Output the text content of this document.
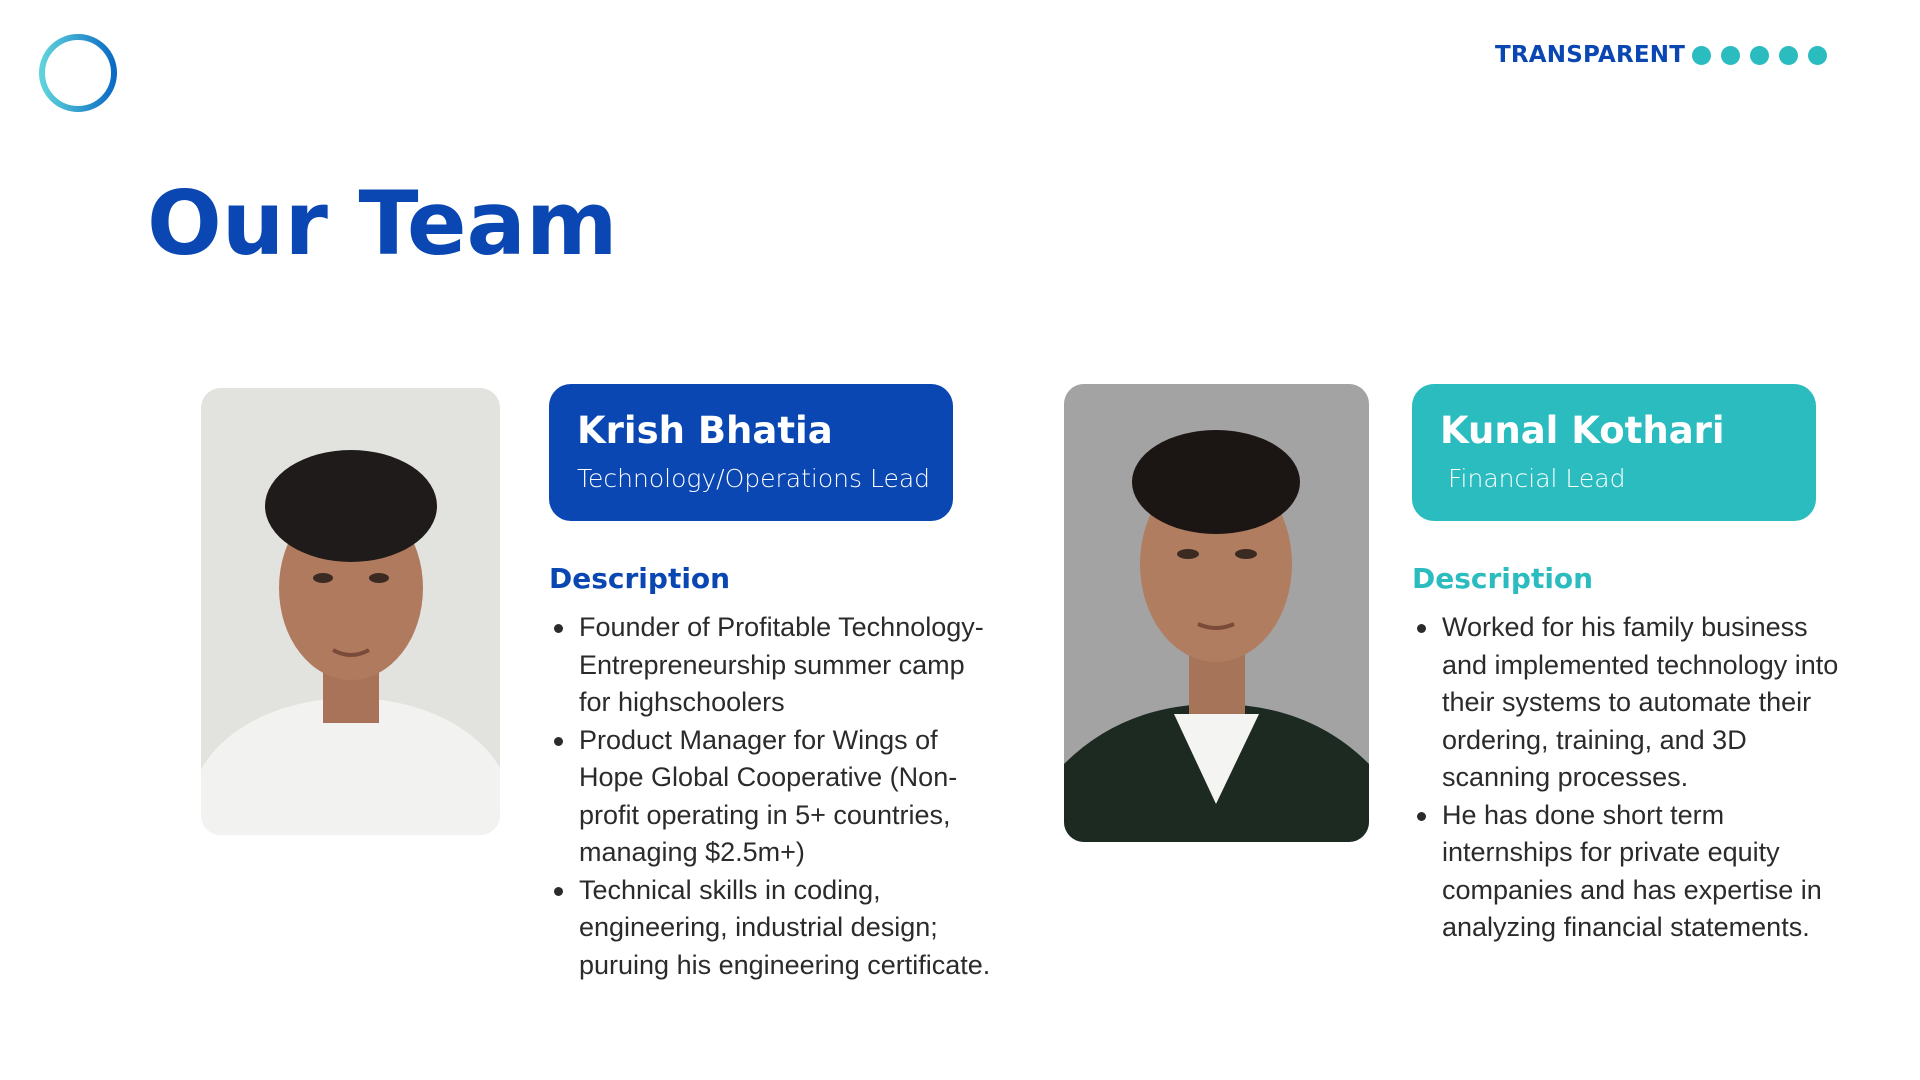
TRANSPARENT
Our Team
Krish Bhatia
Technology/Operations Lead
Description
Founder of Profitable Technology-Entrepreneurship summer camp for highschoolers
Product Manager for Wings of Hope Global Cooperative (Non-profit operating in 5+ countries, managing $2.5m+)
Technical skills in coding, engineering, industrial design; puruing his engineering certificate.
Kunal Kothari
Financial Lead
Description
Worked for his family business and implemented technology into their systems to automate their ordering, training, and 3D scanning processes.
He has done short term internships for private equity companies and has expertise in analyzing financial statements.
